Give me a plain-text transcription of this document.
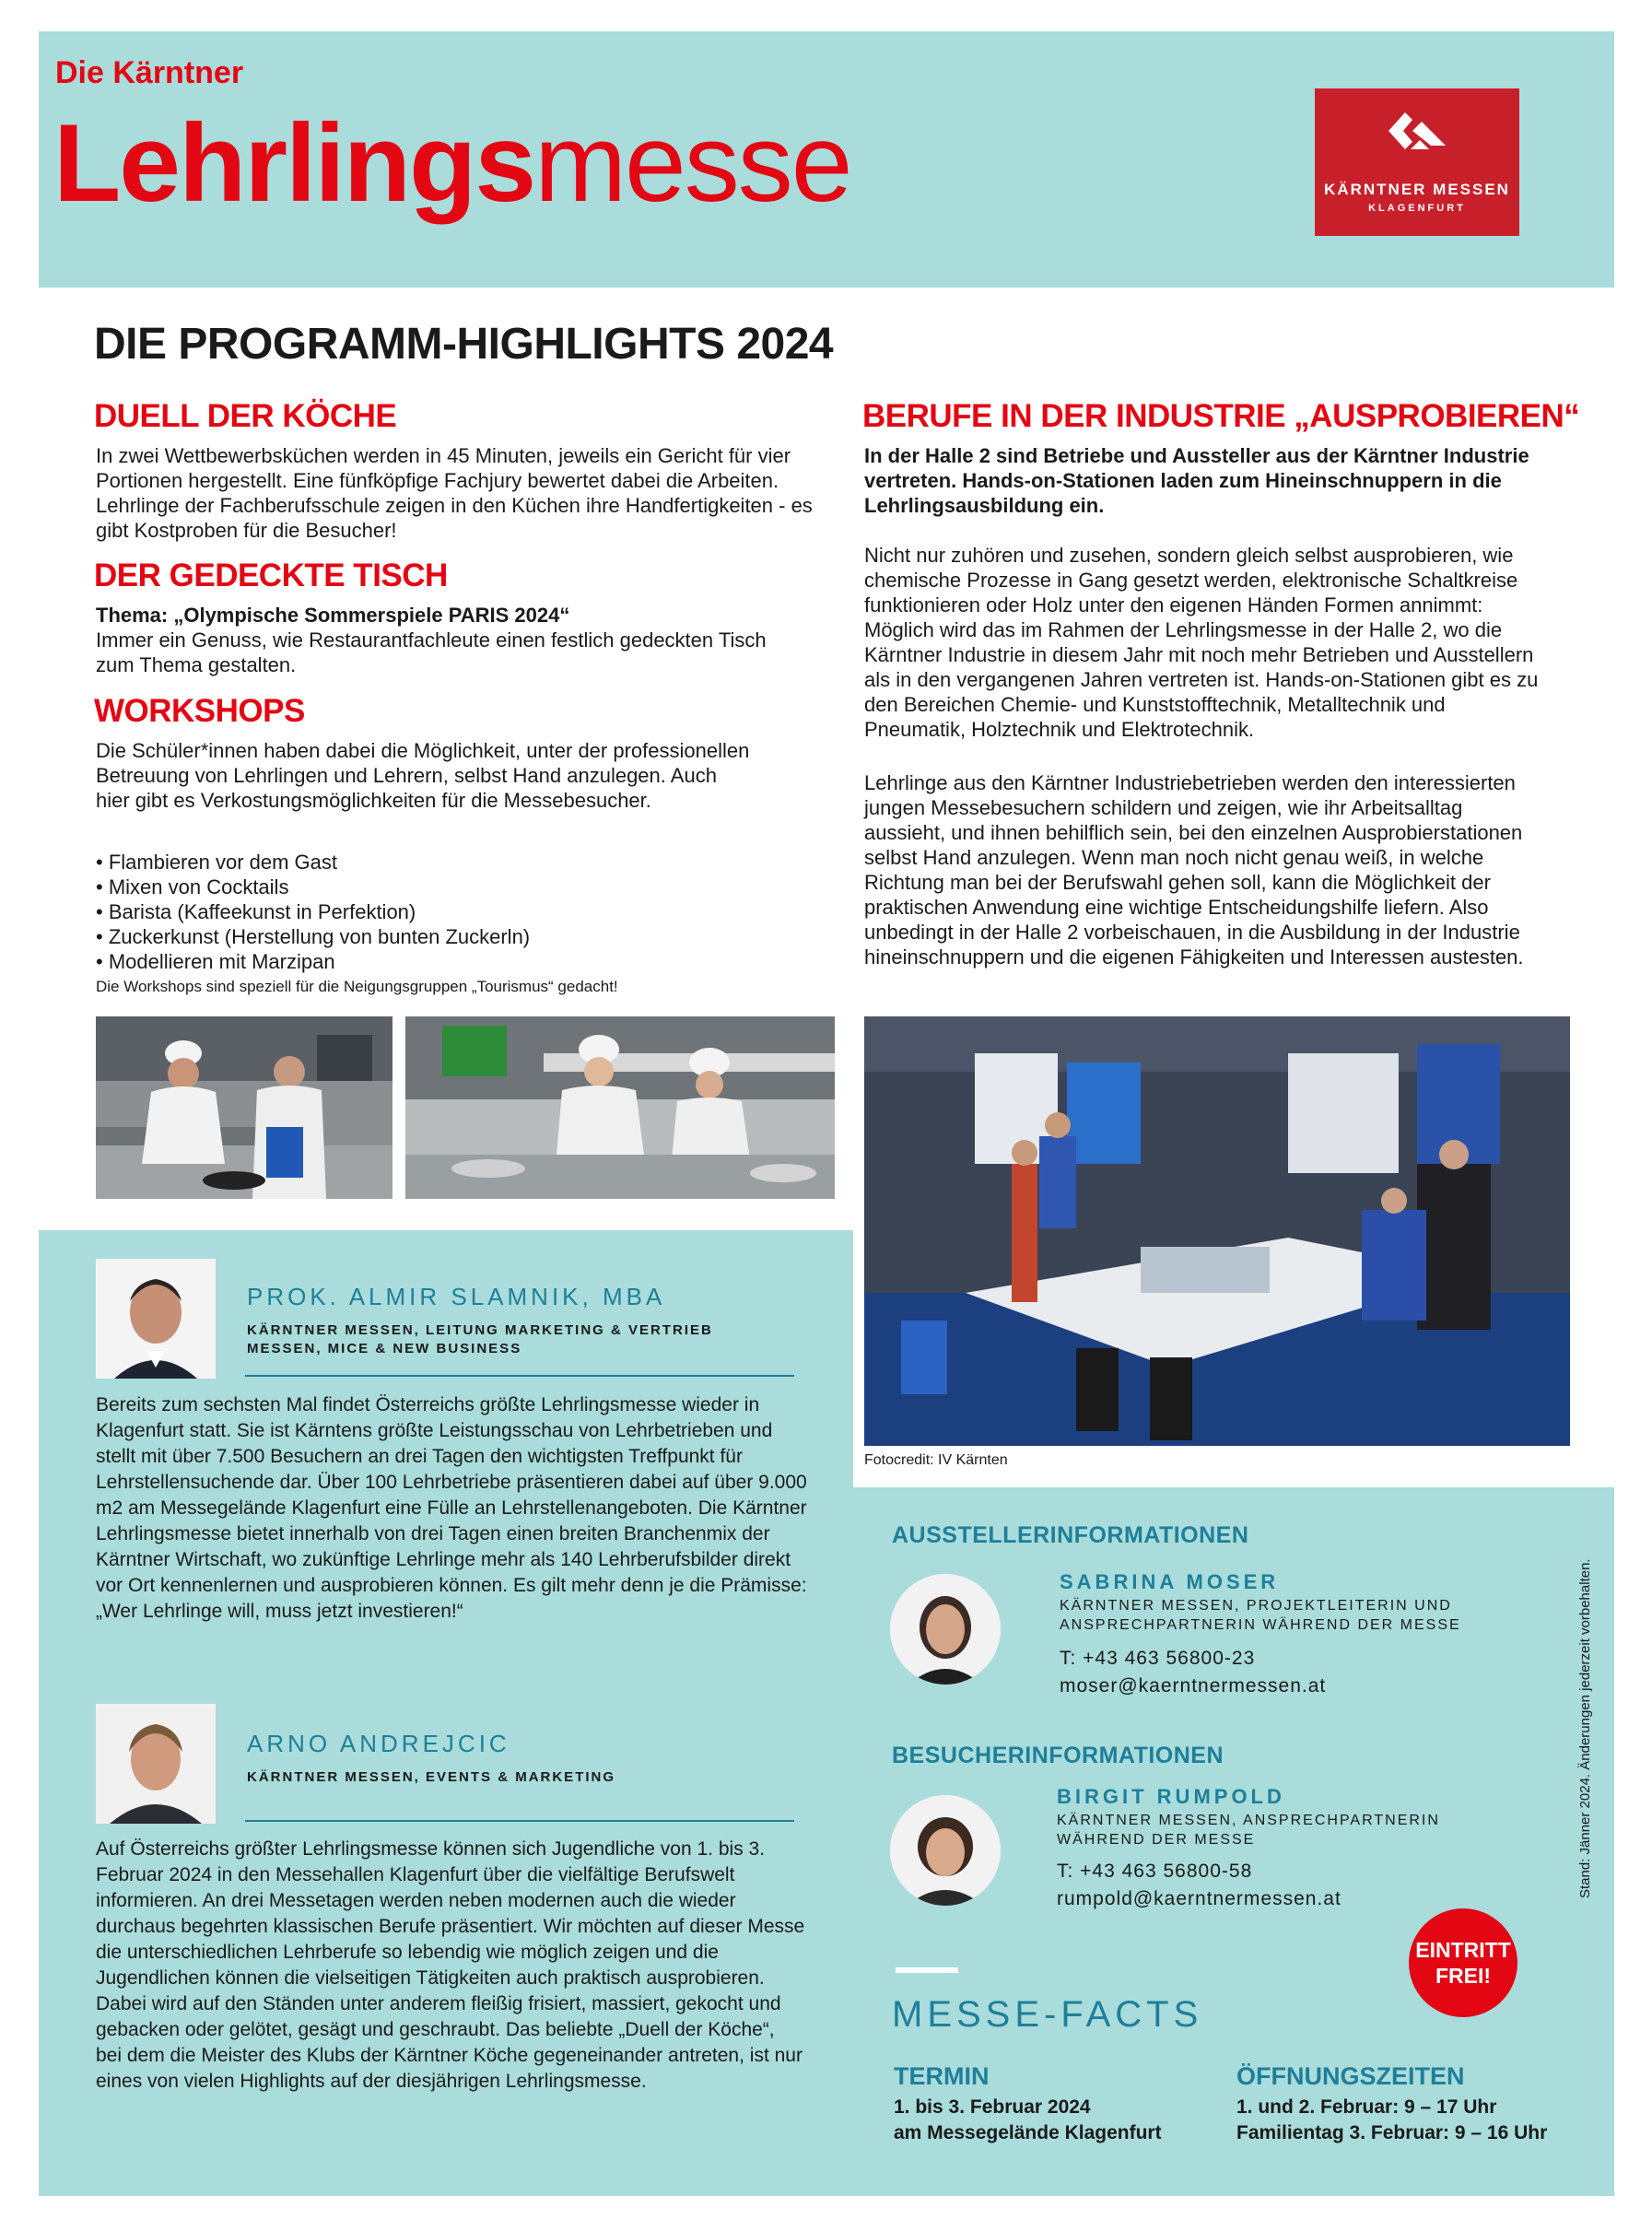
Die Kärntner
Lehrlingsmesse	KÄRNTNER MESSEN
KLAGENFURT
DIE PROGRAMM-HIGHLIGHTS 2024
DUELL DER KÖCHE
In zwei Wettbewerbsküchen werden in 45 Minuten, jeweils ein Gericht für vier Portionen hergestellt. Eine fünfköpfige Fachjury bewertet dabei die Arbeiten. Lehrlinge der Fachberufsschule zeigen in den Küchen ihre Handfertigkeiten - es gibt Kostproben für die Besucher!
DER GEDECKTE TISCH
Thema: „Olympische Sommerspiele PARIS 2024“
Immer ein Genuss, wie Restaurantfachleute einen festlich gedeckten Tisch zum Thema gestalten.
WORKSHOPS
Die Schüler*innen haben dabei die Möglichkeit, unter der professionellen Betreuung von Lehrlingen und Lehrern, selbst Hand anzulegen. Auch hier gibt es Verkostungsmöglichkeiten für die Messebesucher.
• Flambieren vor dem Gast
• Mixen von Cocktails
• Barista (Kaffeekunst in Perfektion)
• Zuckerkunst (Herstellung von bunten Zuckerln)
• Modellieren mit Marzipan
Die Workshops sind speziell für die Neigungsgruppen „Tourismus“ gedacht!
BERUFE IN DER INDUSTRIE „AUSPROBIEREN“
In der Halle 2 sind Betriebe und Aussteller aus der Kärntner Industrie vertreten. Hands-on-Stationen laden zum Hineinschnuppern in die Lehrlingsausbildung ein.
Nicht nur zuhören und zusehen, sondern gleich selbst ausprobieren, wie chemische Prozesse in Gang gesetzt werden, elektronische Schaltkreise funktionieren oder Holz unter den eigenen Händen Formen annimmt: Möglich wird das im Rahmen der Lehrlingsmesse in der Halle 2, wo die Kärntner Industrie in diesem Jahr mit noch mehr Betrieben und Ausstellern als in den vergangenen Jahren vertreten ist. Hands-on-Stationen gibt es zu den Bereichen Chemie- und Kunststofftechnik, Metalltechnik und Pneumatik, Holztechnik und Elektrotechnik.
Lehrlinge aus den Kärntner Industriebetrieben werden den interessierten jungen Messebesuchern schildern und zeigen, wie ihr Arbeitsalltag aussieht, und ihnen behilflich sein, bei den einzelnen Ausprobierstationen selbst Hand anzulegen. Wenn man noch nicht genau weiß, in welche Richtung man bei der Berufswahl gehen soll, kann die Möglichkeit der praktischen Anwendung eine wichtige Entscheidungshilfe liefern. Also unbedingt in der Halle 2 vorbeischauen, in die Ausbildung in der Industrie hineinschnuppern und die eigenen Fähigkeiten und Interessen austesten.
Fotocredit: IV Kärnten
PROK. ALMIR SLAMNIK, MBA
KÄRNTNER MESSEN, LEITUNG MARKETING & VERTRIEB MESSEN, MICE & NEW BUSINESS
Bereits zum sechsten Mal findet Österreichs größte Lehrlingsmesse wieder in Klagenfurt statt. Sie ist Kärntens größte Leistungsschau von Lehrbetrieben und stellt mit über 7.500 Besuchern an drei Tagen den wichtigsten Treffpunkt für Lehrstellensuchende dar. Über 100 Lehrbetriebe präsentieren dabei auf über 9.000 m2 am Messegelände Klagenfurt eine Fülle an Lehrstellenangeboten. Die Kärntner Lehrlingsmesse bietet innerhalb von drei Tagen einen breiten Branchenmix der Kärntner Wirtschaft, wo zukünftige Lehrlinge mehr als 140 Lehrberufsbilder direkt vor Ort kennenlernen und ausprobieren können. Es gilt mehr denn je die Prämisse: „Wer Lehrlinge will, muss jetzt investieren!“
ARNO ANDREJCIC
KÄRNTNER MESSEN, EVENTS & MARKETING
Auf Österreichs größter Lehrlingsmesse können sich Jugendliche von 1. bis 3. Februar 2024 in den Messehallen Klagenfurt über die vielfältige Berufswelt informieren. An drei Messetagen werden neben modernen auch die wieder durchaus begehrten klassischen Berufe präsentiert. Wir möchten auf dieser Messe die unterschiedlichen Lehrberufe so lebendig wie möglich zeigen und die Jugendlichen können die vielseitigen Tätigkeiten auch praktisch ausprobieren. Dabei wird auf den Ständen unter anderem fleißig frisiert, massiert, gekocht und gebacken oder gelötet, gesägt und geschraubt. Das beliebte „Duell der Köche“, bei dem die Meister des Klubs der Kärntner Köche gegeneinander antreten, ist nur eines von vielen Highlights auf der diesjährigen Lehrlingsmesse.
AUSSTELLERINFORMATIONEN
SABRINA MOSER
KÄRNTNER MESSEN, PROJEKTLEITERIN UND ANSPRECHPARTNERIN WÄHREND DER MESSE
T: +43 463 56800-23
moser@kaerntnermessen.at
BESUCHERINFORMATIONEN
BIRGIT RUMPOLD
KÄRNTNER MESSEN, ANSPRECHPARTNERIN WÄHREND DER MESSE
T: +43 463 56800-58
rumpold@kaerntnermessen.at
EINTRITT
FREI!
MESSE-FACTS
TERMIN
1. bis 3. Februar 2024
am Messegelände Klagenfurt
ÖFFNUNGSZEITEN
1. und 2. Februar: 9 – 17 Uhr
Familientag 3. Februar: 9 – 16 Uhr
Stand: Jänner 2024. Änderungen jederzeit vorbehalten.
